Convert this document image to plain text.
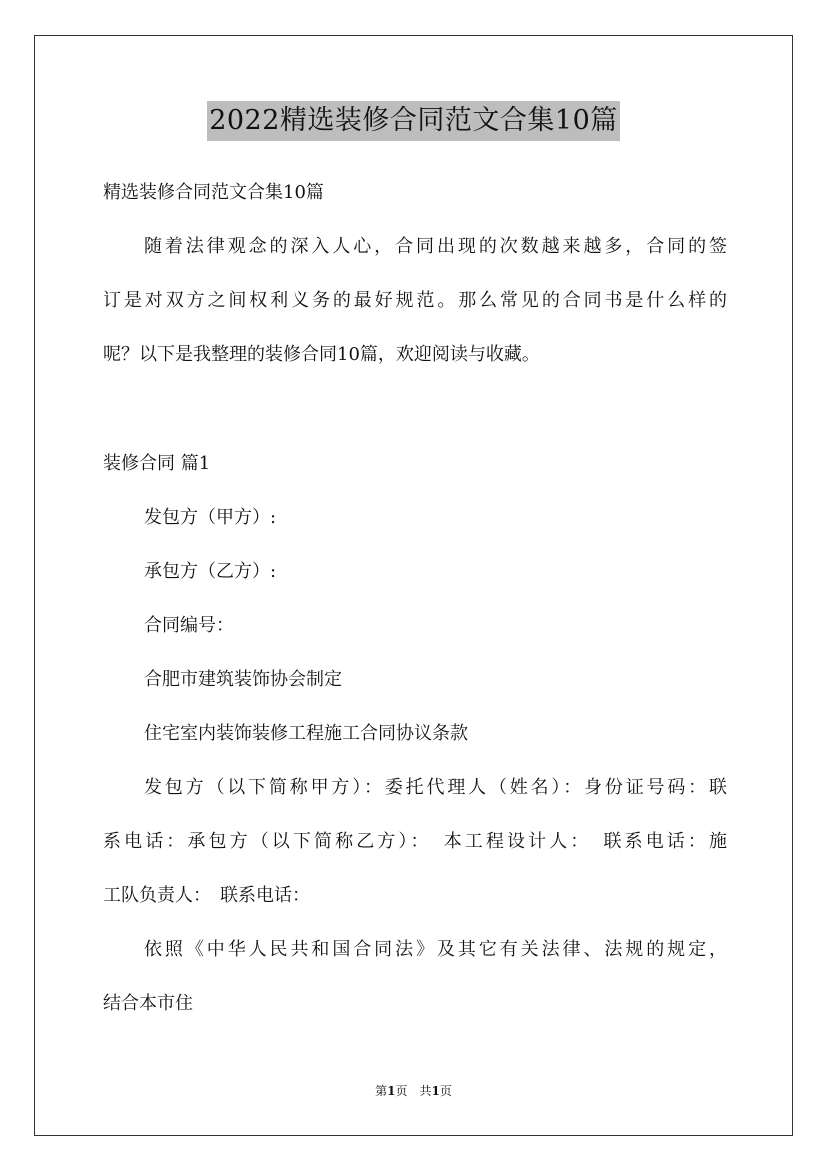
2022精选装修合同范文合集10篇
精选装修合同范文合集10篇
随着法律观念的深入人心，合同出现的次数越来越多，合同的签
订是对双方之间权利义务的最好规范。那么常见的合同书是什么样的
呢？以下是我整理的装修合同10篇，欢迎阅读与收藏。
装修合同 篇1
发包方（甲方）:
承包方（乙方）:
合同编号：
合肥市建筑装饰协会制定
住宅室内装饰装修工程施工合同协议条款
发包方（以下简称甲方）：委托代理人（姓名）：身份证号码：联
系电话：承包方（以下简称乙方）：　本工程设计人：　联系电话：施
工队负责人：　联系电话：
依照《中华人民共和国合同法》及其它有关法律、法规的规定，
结合本市住
第1页　共1页
